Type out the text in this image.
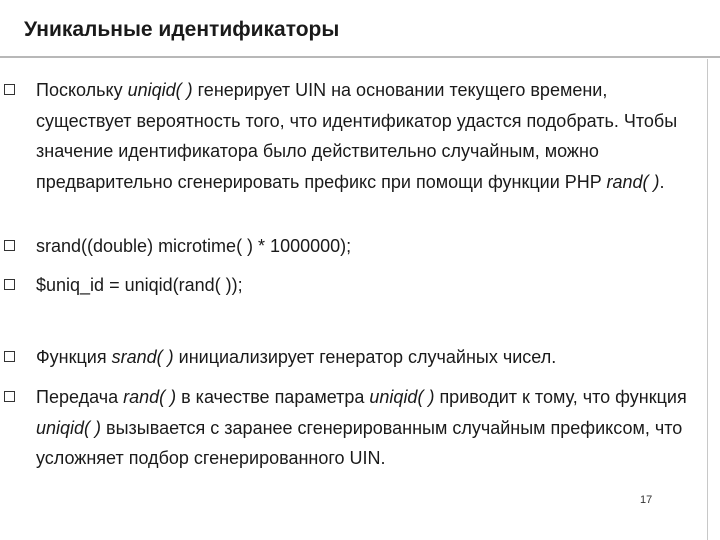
Уникальные идентификаторы
Поскольку uniqid( ) генерирует UIN на основании текущего времени, существует вероятность того, что идентификатор удастся подобрать. Чтобы значение идентификатора было действительно случайным, можно предварительно сгенерировать префикс при помощи функции PHP rand( ).
srand((double) microtime( ) * 1000000);
$uniq_id = uniqid(rand( ));
Функция srand( ) инициализирует генератор случайных чисел.
Передача rand( ) в качестве параметра uniqid( ) приводит к тому, что функция uniqid( ) вызывается с заранее сгенерированным случайным префиксом, что усложняет подбор сгенерированного UIN.
17
